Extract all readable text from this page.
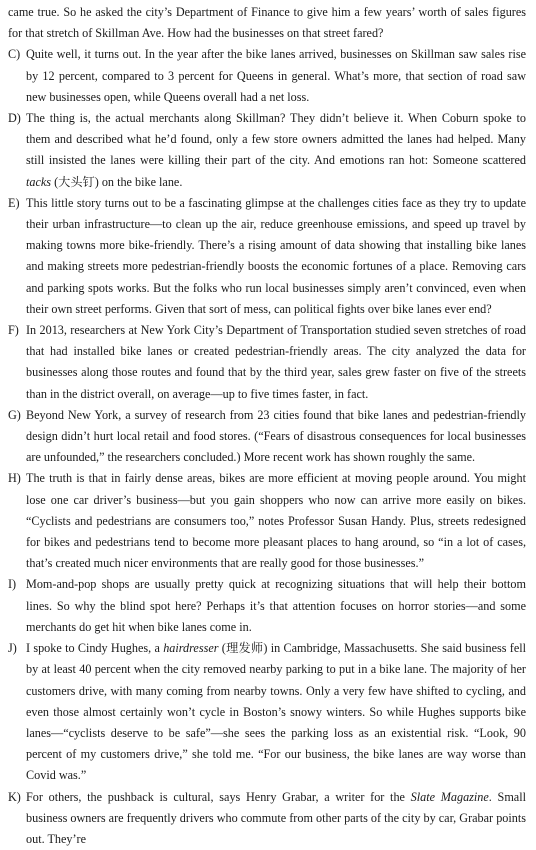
came true. So he asked the city’s Department of Finance to give him a few years’ worth of sales figures for that stretch of Skillman Ave. How had the businesses on that street fared?

C) Quite well, it turns out. In the year after the bike lanes arrived, businesses on Skillman saw sales rise by 12 percent, compared to 3 percent for Queens in general. What’s more, that section of road saw new businesses open, while Queens overall had a net loss.
D) The thing is, the actual merchants along Skillman? They didn’t believe it. When Coburn spoke to them and described what he’d found, only a few store owners admitted the lanes had helped. Many still insisted the lanes were killing their part of the city. And emotions ran hot: Someone scattered tacks (大头钉) on the bike lane.
E) This little story turns out to be a fascinating glimpse at the challenges cities face as they try to update their urban infrastructure—to clean up the air, reduce greenhouse emissions, and speed up travel by making towns more bike-friendly. There’s a rising amount of data showing that installing bike lanes and making streets more pedestrian-friendly boosts the economic fortunes of a place. Removing cars and parking spots works. But the folks who run local businesses simply aren’t convinced, even when their own street performs. Given that sort of mess, can political fights over bike lanes ever end?
F) In 2013, researchers at New York City’s Department of Transportation studied seven stretches of road that had installed bike lanes or created pedestrian-friendly areas. The city analyzed the data for businesses along those routes and found that by the third year, sales grew faster on five of the streets than in the district overall, on average—up to five times faster, in fact.
G) Beyond New York, a survey of research from 23 cities found that bike lanes and pedestrian-friendly design didn’t hurt local retail and food stores. (“Fears of disastrous consequences for local businesses are unfounded,” the researchers concluded.) More recent work has shown roughly the same.
H) The truth is that in fairly dense areas, bikes are more efficient at moving people around. You might lose one car driver’s business—but you gain shoppers who now can arrive more easily on bikes. “Cyclists and pedestrians are consumers too,” notes Professor Susan Handy. Plus, streets redesigned for bikes and pedestrians tend to become more pleasant places to hang around, so “in a lot of cases, that’s created much nicer environments that are really good for those businesses.”
I) Mom-and-pop shops are usually pretty quick at recognizing situations that will help their bottom lines. So why the blind spot here? Perhaps it’s that attention focuses on horror stories—and some merchants do get hit when bike lanes come in.
J) I spoke to Cindy Hughes, a hairdresser (理发师) in Cambridge, Massachusetts. She said business fell by at least 40 percent when the city removed nearby parking to put in a bike lane. The majority of her customers drive, with many coming from nearby towns. Only a very few have shifted to cycling, and even those almost certainly won’t cycle in Boston’s snowy winters. So while Hughes supports bike lanes—“cyclists deserve to be safe”—she sees the parking loss as an existential risk. “Look, 90 percent of my customers drive,” she told me. “For our business, the bike lanes are way worse than Covid was.”
K) For others, the pushback is cultural, says Henry Grabar, a writer for the Slate Magazine. Small business owners are frequently drivers who commute from other parts of the city by car, Grabar points out. They’re
